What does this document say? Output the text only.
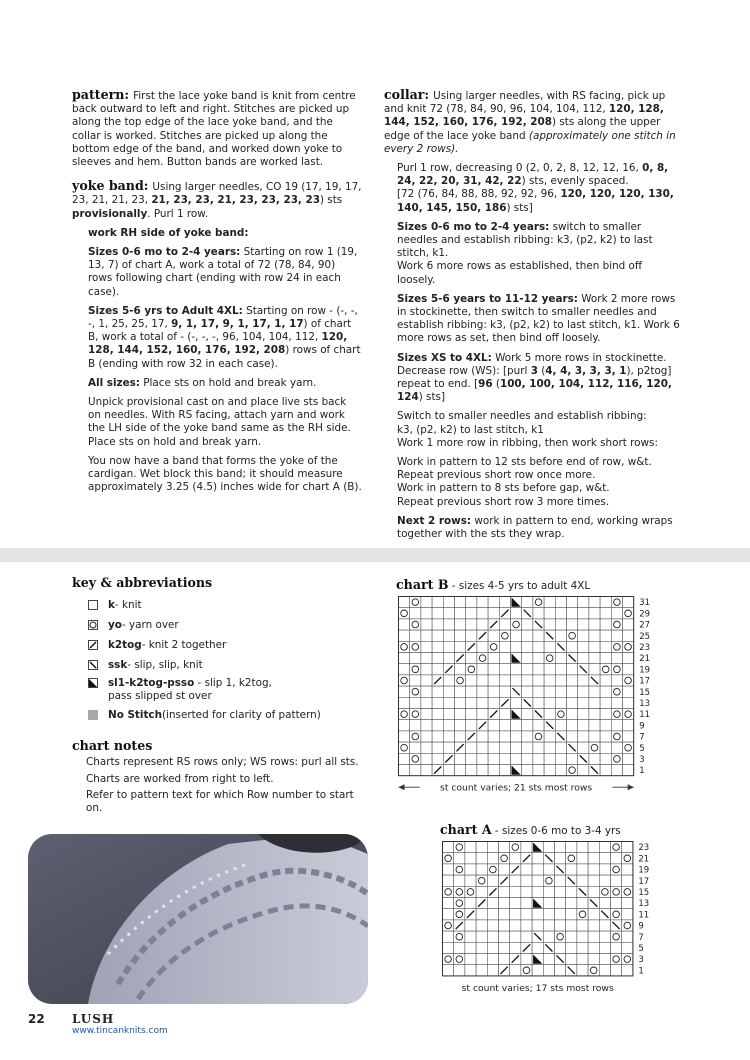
pattern: First the lace yoke band is knit from centre back outward to left and right. Stitches are picked up along the top edge of the lace yoke band, and the collar is worked. Stitches are picked up along the bottom edge of the band, and worked down yoke to sleeves and hem. Button bands are worked last.

yoke band: Using larger needles, CO 19 (17, 19, 17, 23, 21, 21, 23, 21, 23, 23, 21, 23, 23, 23, 23) sts provisionally. Purl 1 row.

work RH side of yoke band:

Sizes 0-6 mo to 2-4 years: Starting on row 1 (19, 13, 7) of chart A, work a total of 72 (78, 84, 90) rows following chart (ending with row 24 in each case).

Sizes 5-6 yrs to Adult 4XL: Starting on row - (-, -, -, 1, 25, 25, 17, 9, 1, 17, 9, 1, 17, 1, 17) of chart B, work a total of - (-, -, -, 96, 104, 104, 112, 120, 128, 144, 152, 160, 176, 192, 208) rows of chart B (ending with row 32 in each case).

All sizes: Place sts on hold and break yarn.

Unpick provisional cast on and place live sts back on needles. With RS facing, attach yarn and work the LH side of the yoke band same as the RH side. Place sts on hold and break yarn.

You now have a band that forms the yoke of the cardigan. Wet block this band; it should measure approximately 3.25 (4.5) inches wide for chart A (B).

collar: Using larger needles, with RS facing, pick up and knit 72 (78, 84, 90, 96, 104, 104, 112, 120, 128, 144, 152, 160, 176, 192, 208) sts along the upper edge of the lace yoke band (approximately one stitch in every 2 rows).

Purl 1 row, decreasing 0 (2, 0, 2, 8, 12, 12, 16, 0, 8, 24, 22, 20, 31, 42, 22) sts, evenly spaced.
[72 (76, 84, 88, 88, 92, 92, 96, 120, 120, 120, 130, 140, 145, 150, 186) sts]

Sizes 0-6 mo to 2-4 years: switch to smaller needles and establish ribbing: k3, (p2, k2) to last stitch, k1.
Work 6 more rows as established, then bind off loosely.

Sizes 5-6 years to 11-12 years: Work 2 more rows
in stockinette, then switch to smaller needles and establish ribbing: k3, (p2, k2) to last stitch, k1. Work 6 more rows as set, then bind off loosely.

Sizes XS to 4XL: Work 5 more rows in stockinette.
Decrease row (WS): [purl 3 (4, 4, 3, 3, 3, 1), p2tog] repeat to end. [96 (100, 100, 104, 112, 116, 120, 124) sts]

Switch to smaller needles and establish ribbing:
k3, (p2, k2) to last stitch, k1
Work 1 more row in ribbing, then work short rows:

Work in pattern to 12 sts before end of row, w&t.
Repeat previous short row once more.
Work in pattern to 8 sts before gap, w&t.
Repeat previous short row 3 more times.

Next 2 rows: work in pattern to end, working wraps together with the sts they wrap.

key & abbreviations
k - knit
yo - yarn over
k2tog - knit 2 together
ssk - slip, slip, knit
sl1-k2tog-psso - slip 1, k2tog,
pass slipped st over
No Stitch (inserted for clarity of pattern)
chart notes
Charts represent RS rows only; WS rows: purl all sts.
Charts are worked from right to left.
Refer to pattern text for which Row number to start on.
chart B - sizes 4-5 yrs to adult 4XL
31
29
27
25
23
21
19
17
15
13
11
9
7
5
3
1
st count varies; 21 sts most rows
chart A - sizes 0-6 mo to 3-4 yrs
23
21
19
17
15
13
11
9
7
5
3
1
st count varies; 17 sts most rows
22 LUSH
www.tincanknits.com
